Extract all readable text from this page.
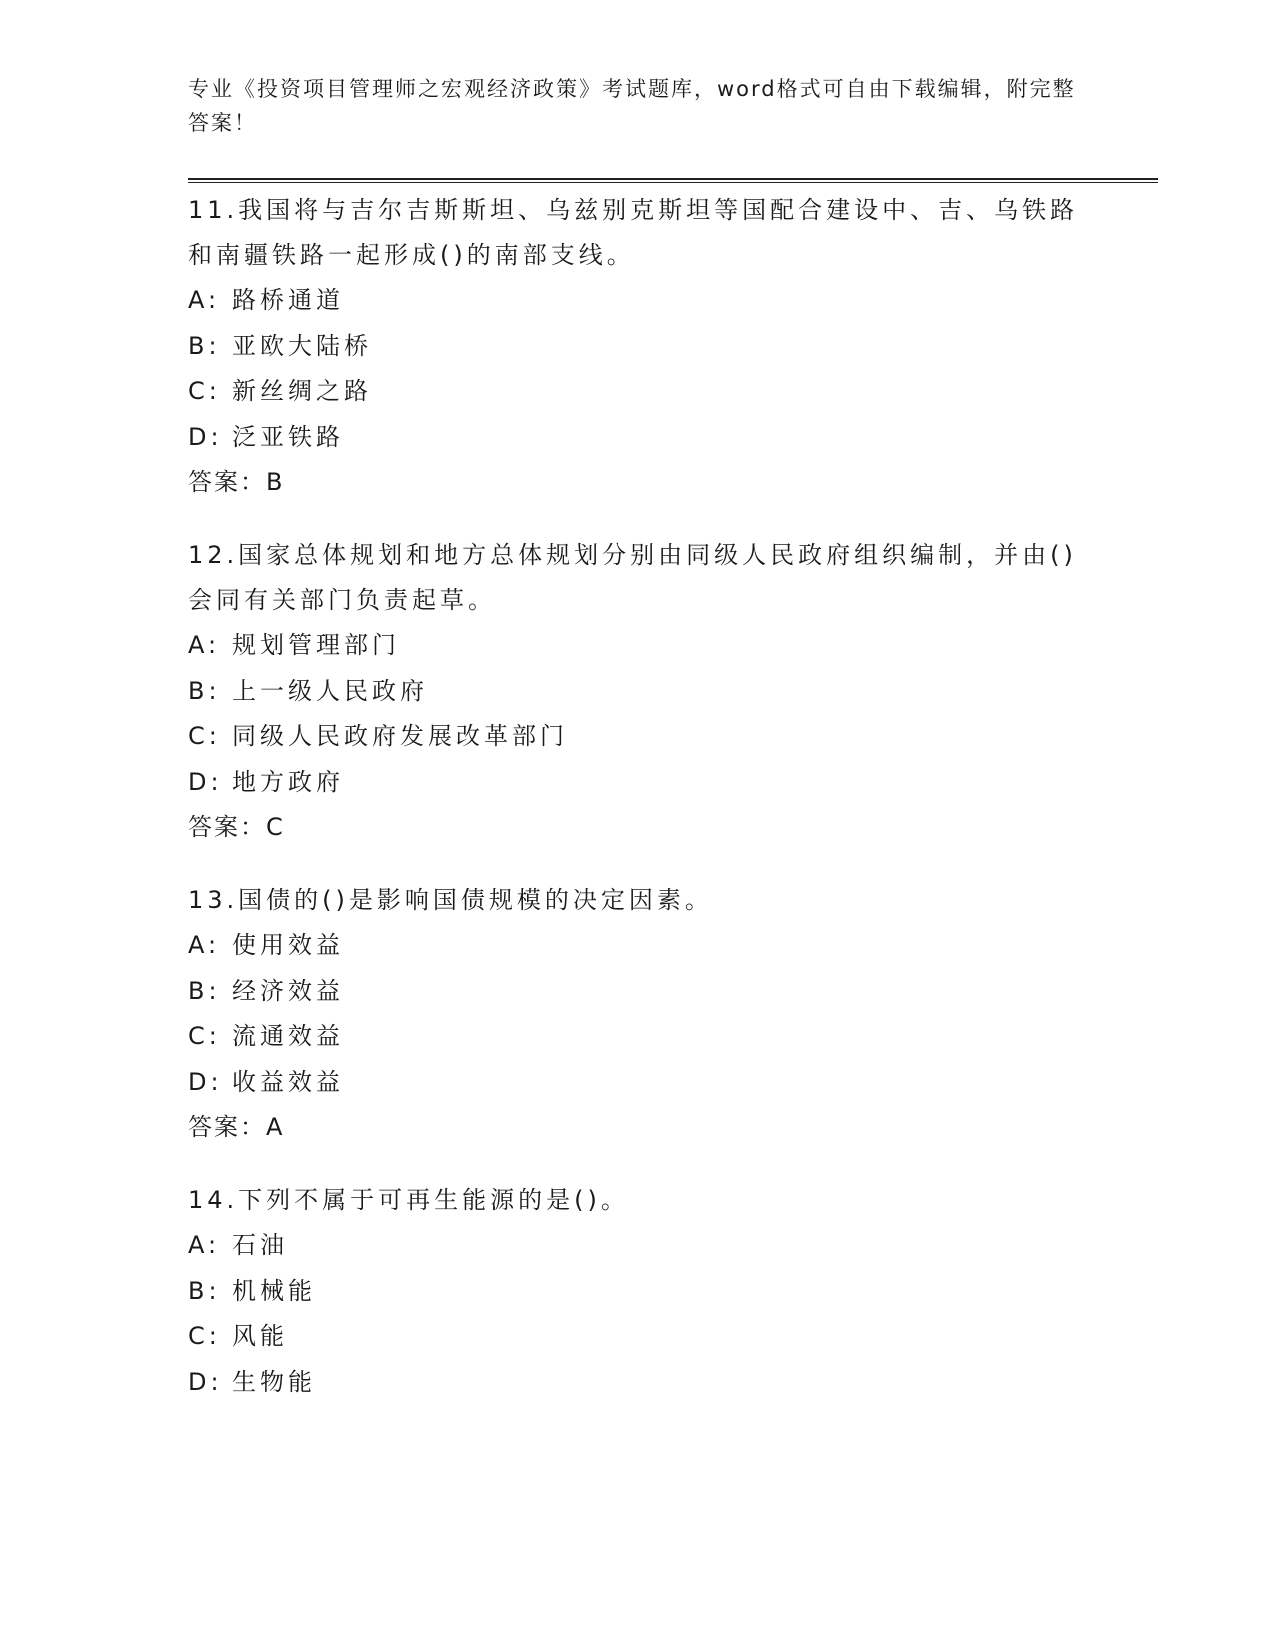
专业《投资项目管理师之宏观经济政策》考试题库，word格式可自由下载编辑，附完整答案！

11.我国将与吉尔吉斯斯坦、乌兹别克斯坦等国配合建设中、吉、乌铁路和南疆铁路一起形成()的南部支线。

A: 路桥通道

B: 亚欧大陆桥

C: 新丝绸之路

D: 泛亚铁路

答案：B

12.国家总体规划和地方总体规划分别由同级人民政府组织编制，并由()会同有关部门负责起草。

A: 规划管理部门

B: 上一级人民政府

C: 同级人民政府发展改革部门

D: 地方政府

答案：C

13.国债的()是影响国债规模的决定因素。

A: 使用效益

B: 经济效益

C: 流通效益

D: 收益效益

答案：A

14.下列不属于可再生能源的是()。

A: 石油

B: 机械能

C: 风能

D: 生物能
